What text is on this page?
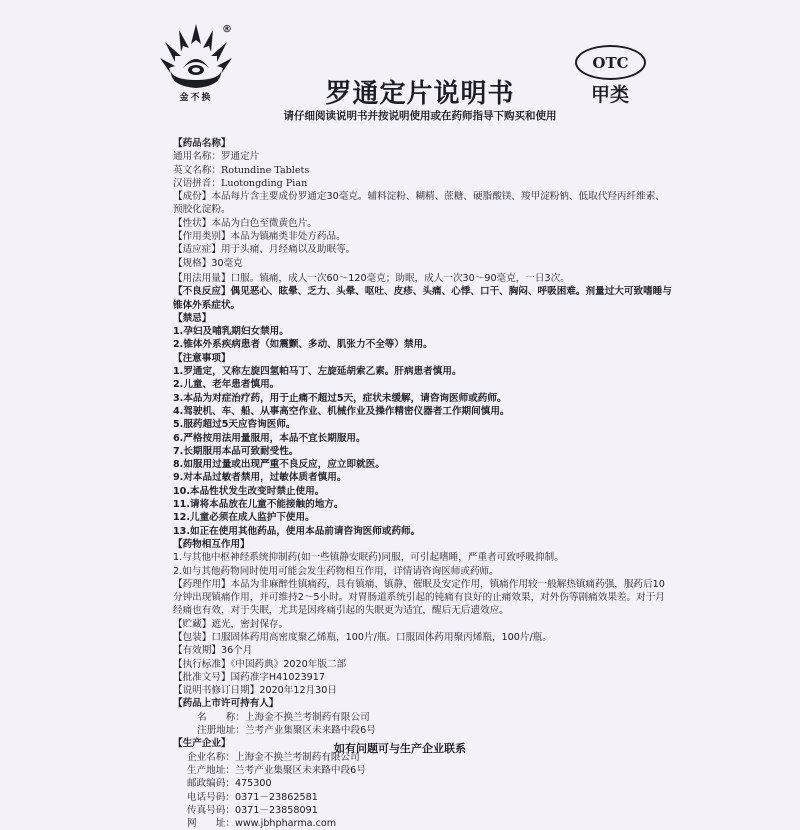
金不换
®
罗通定片说明书
OTC
甲类
请仔细阅读说明书并按说明使用或在药师指导下购买和使用
【药品名称】
通用名称：罗通定片
英文名称：Rotundine Tablets
汉语拼音：Luotongding Pian
【成份】本品每片含主要成份罗通定30毫克。辅料淀粉、糊精、蔗糖、硬脂酸镁、羧甲淀粉钠、低取代羟丙纤维素、预胶化淀粉。
【性状】本品为白色至微黄色片。
【作用类别】本品为镇痛类非处方药品。
【适应症】用于头痛、月经痛以及助眠等。
【规格】30毫克
【用法用量】口服。镇痛，成人一次60～120毫克；助眠，成人一次30～90毫克，一日3次。
【不良反应】偶见恶心、眩晕、乏力、头晕、呕吐、皮疹、头痛、心悸、口干、胸闷、呼吸困难。剂量过大可致嗜睡与锥体外系症状。
【禁忌】
1.孕妇及哺乳期妇女禁用。
2.锥体外系疾病患者（如震颤、多动、肌张力不全等）禁用。
【注意事项】
1.罗通定，又称左旋四氢帕马丁、左旋延胡索乙素。肝病患者慎用。
2.儿童、老年患者慎用。
3.本品为对症治疗药，用于止痛不超过5天，症状未缓解，请咨询医师或药师。
4.驾驶机、车、船、从事高空作业、机械作业及操作精密仪器者工作期间慎用。
5.服药超过5天应咨询医师。
6.严格按用法用量服用，本品不宜长期服用。
7.长期服用本品可致耐受性。
8.如服用过量或出现严重不良反应，应立即就医。
9.对本品过敏者禁用，过敏体质者慎用。
10.本品性状发生改变时禁止使用。
11.请将本品放在儿童不能接触的地方。
12.儿童必须在成人监护下使用。
13.如正在使用其他药品，使用本品前请咨询医师或药师。
【药物相互作用】
1.与其他中枢神经系统抑制药(如一些镇静安眠药)同服，可引起嗜睡，严重者可致呼吸抑制。
2.如与其他药物同时使用可能会发生药物相互作用，详情请咨询医师或药师。
【药理作用】本品为非麻醉性镇痛药，具有镇痛、镇静、催眠及安定作用，镇痛作用较一般解热镇痛药强，服药后10分钟出现镇痛作用，并可维持2～5小时。对胃肠道系统引起的钝痛有良好的止痛效果，对外伤等剧痛效果差。对于月经痛也有效，对于失眠，尤其是因疼痛引起的失眠更为适宜，醒后无后遗效应。
【贮藏】遮光，密封保存。
【包装】口服固体药用高密度聚乙烯瓶，100片/瓶。口服固体药用聚丙烯瓶，100片/瓶。
【有效期】36个月
【执行标准】《中国药典》2020年版二部
【批准文号】国药准字H41023917
【说明书修订日期】2020年12月30日
【药品上市许可持有人】
名　　称：上海金不换兰考制药有限公司
注册地址：兰考产业集聚区未来路中段6号
【生产企业】
企业名称：上海金不换兰考制药有限公司
生产地址：兰考产业集聚区未来路中段6号
邮政编码：475300
电话号码：0371－23862581
传真号码：0371－23858091
网　　址：www.jbhpharma.com
如有问题可与生产企业联系
